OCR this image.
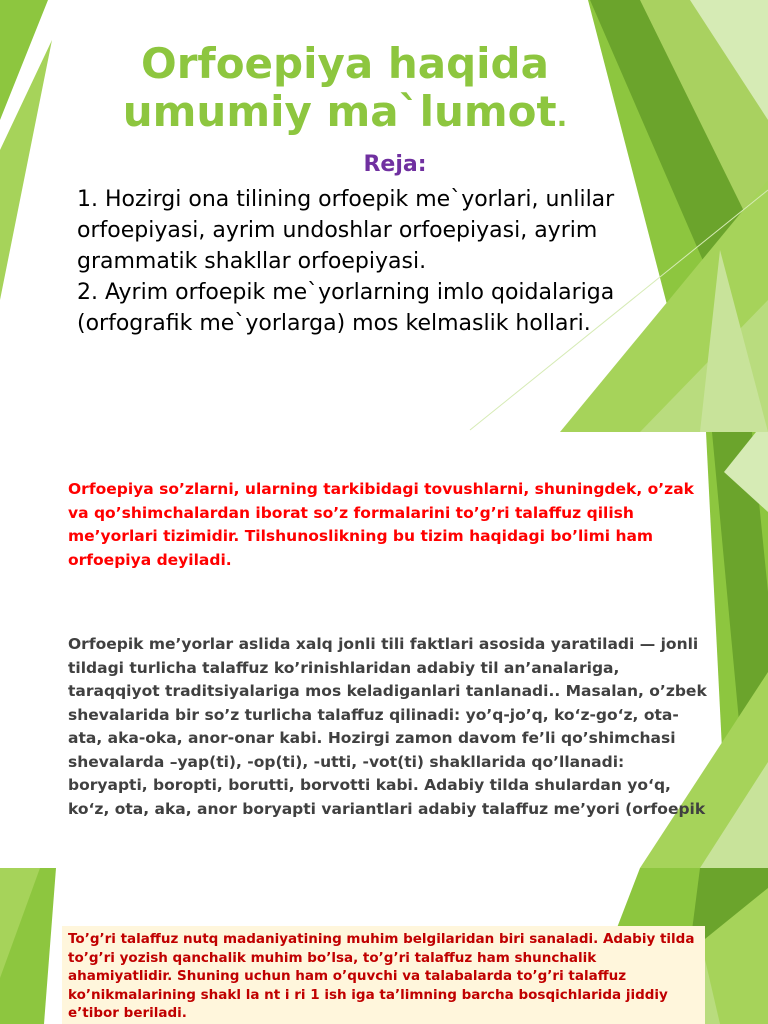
Orfoepiya haqida
umumiy ma`lumot.

Reja:

1. Hozirgi ona tilining orfoepik me`yorlari, unlilar orfoepiyasi, ayrim undoshlar orfoepiyasi, ayrim grammatik shakllar orfoepiyasi.

2. Ayrim orfoepik me`yorlarning imlo qoidalariga (orfografik me`yorlarga) mos kelmaslik hollari.

Orfoepiya so’zlarni, ularning tarkibidagi tovushlarni, shuningdek, o’zak va qo’shimchalardan iborat so’z formalarini to’g’ri talaffuz qilish me’yorlari tizimidir. Tilshunoslikning bu tizim haqidagi bo’limi ham orfoepiya deyiladi.

Orfoepik me’yorlar aslida xalq jonli tili faktlari asosida yaratiladi — jonli tildagi turlicha talaffuz ko’rinishlaridan adabiy til an’analariga, taraqqiyot traditsiyalariga mos keladiganlari tanlanadi.. Masalan, o’zbek shevalarida bir so’z turlicha talaffuz qilinadi: yo’q-jo’q, ko‘z-go‘z, ota-ata, aka-oka, anor-onar kabi. Hozirgi zamon davom fe’li qo’shimchasi shevalarda –yap(ti), -op(ti), -utti, -vot(ti) shakllarida qo’llanadi: boryapti, boropti, borutti, borvotti kabi. Adabiy tilda shulardan yo‘q, ko‘z, ota, aka, anor boryapti variantlari adabiy talaffuz me’yori (orfoepik

To’g’ri talaffuz nutq madaniyatining muhim belgilaridan biri sanaladi. Adabiy tilda to’g’ri yozish qanchalik muhim bo’lsa, to’g’ri talaffuz ham shunchalik ahamiyatlidir. Shuning uchun ham o’quvchi va talabalarda to’g’ri talaffuz ko’nikmalarining shakl la nt i ri 1 ish iga ta’limning barcha bosqichlarida jiddiy e’tibor beriladi.
